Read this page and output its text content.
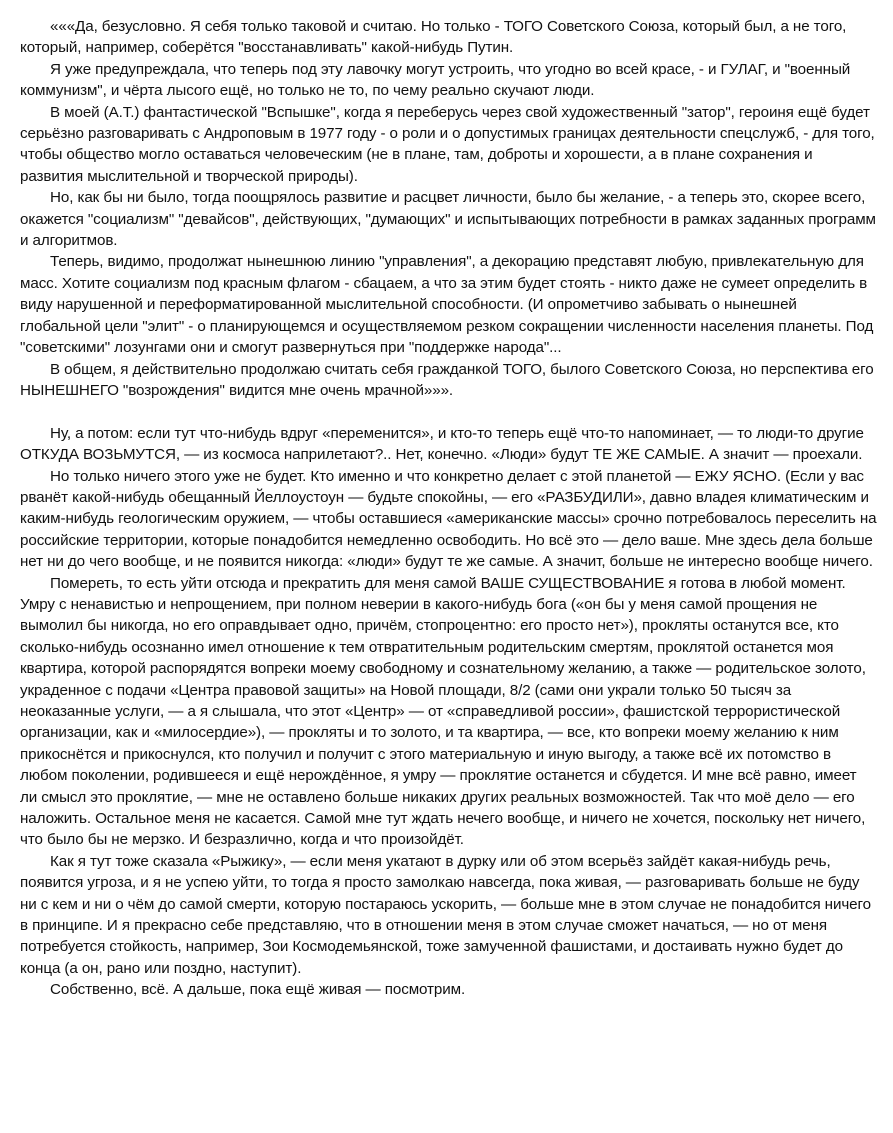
«««Да, безусловно. Я себя только таковой и считаю. Но только - ТОГО Советского Союза, который был, а не того, который, например, соберётся "восстанавливать" какой-нибудь Путин.

Я уже предупреждала, что теперь под эту лавочку могут устроить, что угодно во всей красе, - и ГУЛАГ, и "военный коммунизм", и чёрта лысого ещё, но только не то, по чему реально скучают люди.

В моей (А.Т.) фантастической "Вспышке", когда я переберусь через свой художественный "затор", героиня ещё будет серьёзно разговаривать с Андроповым в 1977 году - о роли и о допустимых границах деятельности спецслужб, - для того, чтобы общество могло оставаться человеческим (не в плане, там, доброты и хорошести, а в плане сохранения и развития мыслительной и творческой природы).

Но, как бы ни было, тогда поощрялось развитие и расцвет личности, было бы желание, - а теперь это, скорее всего, окажется "социализм" "девайсов", действующих, "думающих" и испытывающих потребности в рамках заданных программ и алгоритмов.

Теперь, видимо, продолжат нынешнюю линию "управления", а декорацию представят любую, привлекательную для масс. Хотите социализм под красным флагом - сбацаем, а что за этим будет стоять - никто даже не сумеет определить в виду нарушенной и переформатированной мыслительной способности. (И опрометчиво забывать о нынешней глобальной цели "элит" - о планирующемся и осуществляемом резком сокращении численности населения планеты. Под "советскими" лозунгами они и смогут развернуться при "поддержке народа"...

В общем, я действительно продолжаю считать себя гражданкой ТОГО, былого Советского Союза, но перспектива его НЫНЕШНЕГО "возрождения" видится мне очень мрачной»»».

Ну, а потом: если тут что-нибудь вдруг «переменится», и кто-то теперь ещё что-то напоминает, — то люди-то другие ОТКУДА ВОЗЬМУТСЯ, — из космоса наприлетают?.. Нет, конечно. «Люди» будут ТЕ ЖЕ САМЫЕ. А значит — проехали.

Но только ничего этого уже не будет. Кто именно и что конкретно делает с этой планетой — ЕЖУ ЯСНО. (Если у вас рванёт какой-нибудь обещанный Йеллоустоун — будьте спокойны, — его «РАЗБУДИЛИ», давно владея климатическим и каким-нибудь геологическим оружием, — чтобы оставшиеся «американские массы» срочно потребовалось переселить на российские территории, которые понадобится немедленно освободить. Но всё это — дело ваше. Мне здесь дела больше нет ни до чего вообще, и не появится никогда: «люди» будут те же самые. А значит, больше не интересно вообще ничего.

Помереть, то есть уйти отсюда и прекратить для меня самой ВАШЕ СУЩЕСТВОВАНИЕ я готова в любой момент. Умру с ненавистью и непрощением, при полном неверии в какого-нибудь бога («он бы у меня самой прощения не вымолил бы никогда, но его оправдывает одно, причём, стопроцентно: его просто нет»), прокляты останутся все, кто сколько-нибудь осознанно имел отношение к тем отвратительным родительским смертям, проклятой останется моя квартира, которой распорядятся вопреки моему свободному и сознательному желанию, а также — родительское золото, украденное с подачи «Центра правовой защиты» на Новой площади, 8/2 (сами они украли только 50 тысяч за неоказанные услуги, — а я слышала, что этот «Центр» — от «справедливой россии», фашистской террористической организации, как и «милосердие»), — прокляты и то золото, и та квартира, — все, кто вопреки моему желанию к ним прикоснётся и прикоснулся, кто получил и получит с этого материальную и иную выгоду, а также всё их потомство в любом поколении, родившееся и ещё нерождённое, я умру — проклятие останется и сбудется. И мне всё равно, имеет ли смысл это проклятие, — мне не оставлено больше никаких других реальных возможностей. Так что моё дело — его наложить. Остальное меня не касается. Самой мне тут ждать нечего вообще, и ничего не хочется, поскольку нет ничего, что было бы не мерзко. И безразлично, когда и что произойдёт.

Как я тут тоже сказала «Рыжику», — если меня укатают в дурку или об этом всерьёз зайдёт какая-нибудь речь, появится угроза, и я не успею уйти, то тогда я просто замолкаю навсегда, пока живая, — разговаривать больше не буду ни с кем и ни о чём до самой смерти, которую постараюсь ускорить, — больше мне в этом случае не понадобится ничего в принципе. И я прекрасно себе представляю, что в отношении меня в этом случае сможет начаться, — но от меня потребуется стойкость, например, Зои Космодемьянской, тоже замученной фашистами, и достаивать нужно будет до конца (а он, рано или поздно, наступит).

Собственно, всё. А дальше, пока ещё живая — посмотрим.
